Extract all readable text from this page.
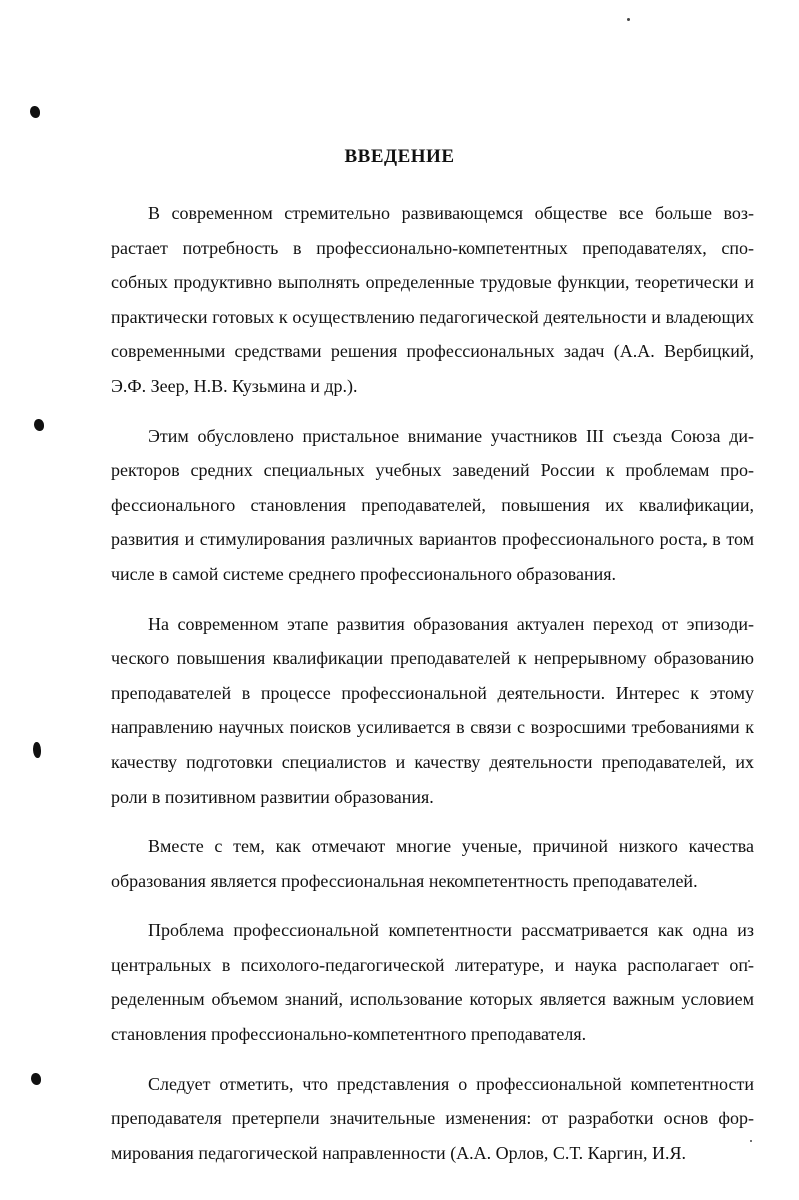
ВВЕДЕНИЕ

В современном стремительно развивающемся обществе все больше возрастает потребность в профессионально-компетентных преподавателях, способных продуктивно выполнять определенные трудовые функции, теоретически и практически готовых к осуществлению педагогической деятельности и владеющих современными средствами решения профессиональных задач (А.А. Вербицкий, Э.Ф. Зеер, Н.В. Кузьмина и др.).

Этим обусловлено пристальное внимание участников III съезда Союза директоров средних специальных учебных заведений России к проблемам профессионального становления преподавателей, повышения их квалификации, развития и стимулирования различных вариантов профессионального роста, в том числе в самой системе среднего профессионального образования.

На современном этапе развития образования актуален переход от эпизодического повышения квалификации преподавателей к непрерывному образованию преподавателей в процессе профессиональной деятельности. Интерес к этому направлению научных поисков усиливается в связи с возросшими требованиями к качеству подготовки специалистов и качеству деятельности преподавателей, их роли в позитивном развитии образования.

Вместе с тем, как отмечают многие ученые, причиной низкого качества образования является профессиональная некомпетентность преподавателей.

Проблема профессиональной компетентности рассматривается как одна из центральных в психолого-педагогической литературе, и наука располагает определенным объемом знаний, использование которых является важным условием становления профессионально-компетентного преподавателя.

Следует отметить, что представления о профессиональной компетентности преподавателя претерпели значительные изменения: от разработки основ формирования педагогической направленности (А.А. Орлов, С.Т. Каргин, И.Я.
